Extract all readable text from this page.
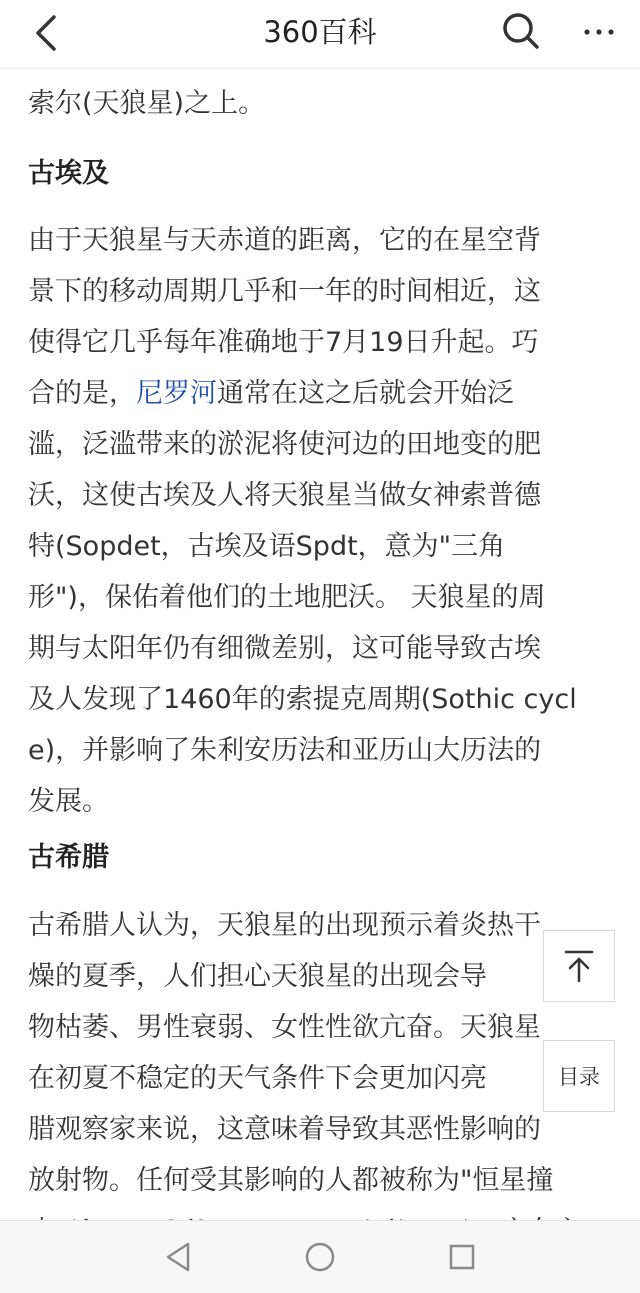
360百科
索尔(天狼星)之上。
古埃及

由于天狼星与天赤道的距离，它的在星空背
景下的移动周期几乎和一年的时间相近，这
使得它几乎每年准确地于7月19日升起。巧
合的是，尼罗河通常在这之后就会开始泛
滥，泛滥带来的淤泥将使河边的田地变的肥
沃，这使古埃及人将天狼星当做女神索普德
特(Sopdet，古埃及语Spdt，意为"三角
形")，保佑着他们的土地肥沃。 天狼星的周
期与太阳年仍有细微差别，这可能导致古埃
及人发现了1460年的索提克周期(Sothic cycl
e)，并影响了朱利安历法和亚历山大历法的
发展。

古希腊

古希腊人认为，天狼星的出现预示着炎热干
燥的夏季，人们担心天狼星的出现会导
物枯萎、男性衰弱、女性性欲亢奋。天狼星
在初夏不稳定的天气条件下会更加闪亮
腊观察家来说，这意味着导致其恶性影响的
放射物。任何受其影响的人都被称为"恒星撞

目录
